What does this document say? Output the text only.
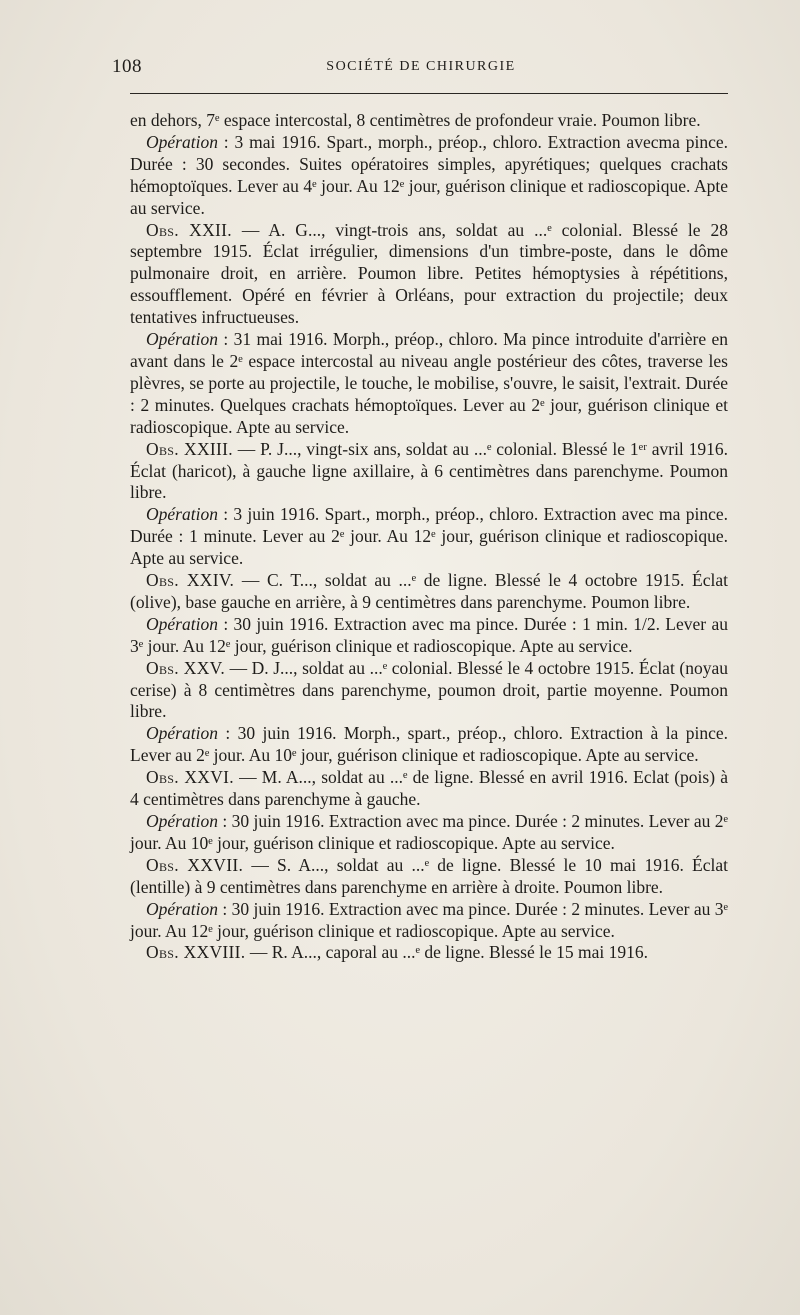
108	SOCIÉTÉ DE CHIRURGIE

en dehors, 7ᵉ espace intercostal, 8 centimètres de profondeur vraie. Poumon libre.

Opération : 3 mai 1916. Spart., morph., préop., chloro. Extraction avecma pince. Durée : 30 secondes. Suites opératoires simples, apyrétiques; quelques crachats hémoptoïques. Lever au 4ᵉ jour. Au 12ᵉ jour, guérison clinique et radioscopique. Apte au service.

Obs. XXII. — A. G..., vingt-trois ans, soldat au ...ᵉ colonial. Blessé le 28 septembre 1915. Éclat irrégulier, dimensions d'un timbre-poste, dans le dôme pulmonaire droit, en arrière. Poumon libre. Petites hémoptysies à répétitions, essoufflement. Opéré en février à Orléans, pour extraction du projectile; deux tentatives infructueuses.

Opération : 31 mai 1916. Morph., préop., chloro. Ma pince introduite d'arrière en avant dans le 2ᵉ espace intercostal au niveau angle postérieur des côtes, traverse les plèvres, se porte au projectile, le touche, le mobilise, s'ouvre, le saisit, l'extrait. Durée : 2 minutes. Quelques crachats hémoptoïques. Lever au 2ᵉ jour, guérison clinique et radioscopique. Apte au service.

Obs. XXIII. — P. J..., vingt-six ans, soldat au ...ᵉ colonial. Blessé le 1ᵉʳ avril 1916. Éclat (haricot), à gauche ligne axillaire, à 6 centimètres dans parenchyme. Poumon libre.

Opération : 3 juin 1916. Spart., morph., préop., chloro. Extraction avec ma pince. Durée : 1 minute. Lever au 2ᵉ jour. Au 12ᵉ jour, guérison clinique et radioscopique. Apte au service.

Obs. XXIV. — C. T..., soldat au ...ᵉ de ligne. Blessé le 4 octobre 1915. Éclat (olive), base gauche en arrière, à 9 centimètres dans parenchyme. Poumon libre.

Opération : 30 juin 1916. Extraction avec ma pince. Durée : 1 min. 1/2. Lever au 3ᵉ jour. Au 12ᵉ jour, guérison clinique et radioscopique. Apte au service.

Obs. XXV. — D. J..., soldat au ...ᵉ colonial. Blessé le 4 octobre 1915. Éclat (noyau cerise) à 8 centimètres dans parenchyme, poumon droit, partie moyenne. Poumon libre.

Opération : 30 juin 1916. Morph., spart., préop., chloro. Extraction à la pince. Lever au 2ᵉ jour. Au 10ᵉ jour, guérison clinique et radioscopique. Apte au service.

Obs. XXVI. — M. A..., soldat au ...ᵉ de ligne. Blessé en avril 1916. Eclat (pois) à 4 centimètres dans parenchyme à gauche.

Opération : 30 juin 1916. Extraction avec ma pince. Durée : 2 minutes. Lever au 2ᵉ jour. Au 10ᵉ jour, guérison clinique et radioscopique. Apte au service.

Obs. XXVII. — S. A..., soldat au ...ᵉ de ligne. Blessé le 10 mai 1916. Éclat (lentille) à 9 centimètres dans parenchyme en arrière à droite. Poumon libre.

Opération : 30 juin 1916. Extraction avec ma pince. Durée : 2 minutes. Lever au 3ᵉ jour. Au 12ᵉ jour, guérison clinique et radioscopique. Apte au service.

Obs. XXVIII. — R. A..., caporal au ...ᵉ de ligne. Blessé le 15 mai 1916.
